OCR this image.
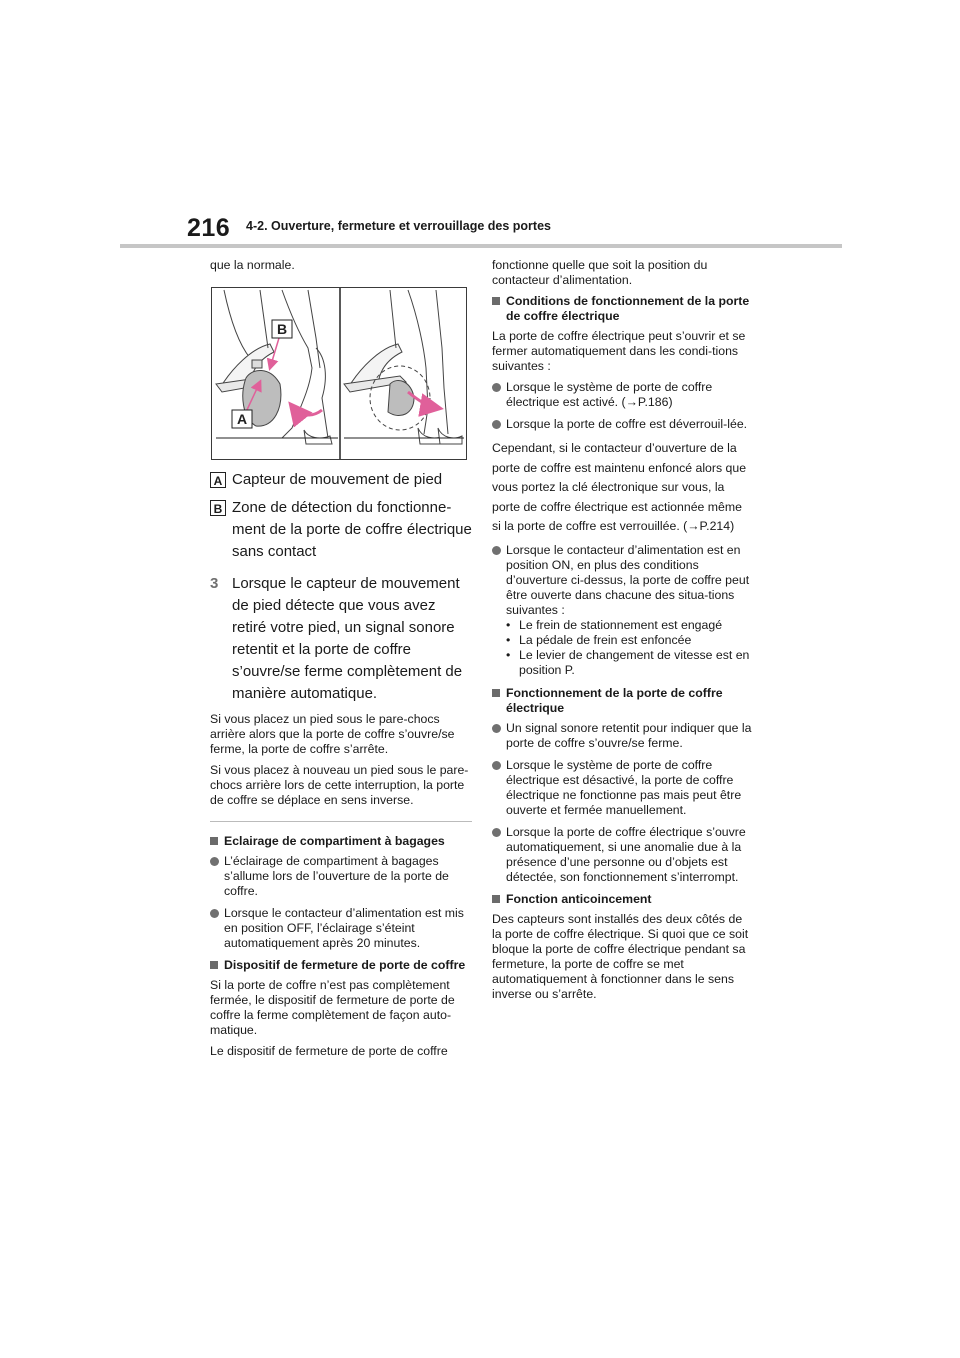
216 4-2. Ouverture, fermeture et verrouillage des portes

que la normale.

B
A
A Capteur de mouvement de pied
B Zone de détection du fonctionne-ment de la porte de coffre électrique sans contact
3 Lorsque le capteur de mouvement de pied détecte que vous avez retiré votre pied, un signal sonore retentit et la porte de coffre s’ouvre/se ferme complètement de manière automatique.

Si vous placez un pied sous le pare-chocs arrière alors que la porte de coffre s’ouvre/se ferme, la porte de coffre s’arrête.

Si vous placez à nouveau un pied sous le pare-chocs arrière lors de cette interruption, la porte de coffre se déplace en sens inverse.

Eclairage de compartiment à bagages
L’éclairage de compartiment à bagages s’allume lors de l’ouverture de la porte de coffre.
Lorsque le contacteur d’alimentation est mis en position OFF, l’éclairage s’éteint automatiquement après 20 minutes.
Dispositif de fermeture de porte de coffre

Si la porte de coffre n’est pas complètement fermée, le dispositif de fermeture de porte de coffre la ferme complètement de façon auto-matique.

Le dispositif de fermeture de porte de coffre

fonctionne quelle que soit la position du contacteur d’alimentation.

Conditions de fonctionnement de la porte de coffre électrique

La porte de coffre électrique peut s’ouvrir et se fermer automatiquement dans les condi-tions suivantes :

Lorsque le système de porte de coffre électrique est activé. (→P.186)
Lorsque la porte de coffre est déverrouil-lée.

Cependant, si le contacteur d’ouverture de la porte de coffre est maintenu enfoncé alors que vous portez la clé électronique sur vous, la porte de coffre électrique est actionnée même si la porte de coffre est verrouillée. (→P.214)

Lorsque le contacteur d’alimentation est en position ON, en plus des conditions d’ouverture ci-dessus, la porte de coffre peut être ouverte dans chacune des situa-tions suivantes :
• Le frein de stationnement est engagé
• La pédale de frein est enfoncée
• Le levier de changement de vitesse est en position P.
Fonctionnement de la porte de coffre électrique
Un signal sonore retentit pour indiquer que la porte de coffre s’ouvre/se ferme.
Lorsque le système de porte de coffre électrique est désactivé, la porte de coffre électrique ne fonctionne pas mais peut être ouverte et fermée manuellement.
Lorsque la porte de coffre électrique s’ouvre automatiquement, si une anomalie due à la présence d’une personne ou d’objets est détectée, son fonctionnement s’interrompt.
Fonction anticoincement

Des capteurs sont installés des deux côtés de la porte de coffre électrique. Si quoi que ce soit bloque la porte de coffre électrique pendant sa fermeture, la porte de coffre se met automatiquement à fonctionner dans le sens inverse ou s’arrête.
